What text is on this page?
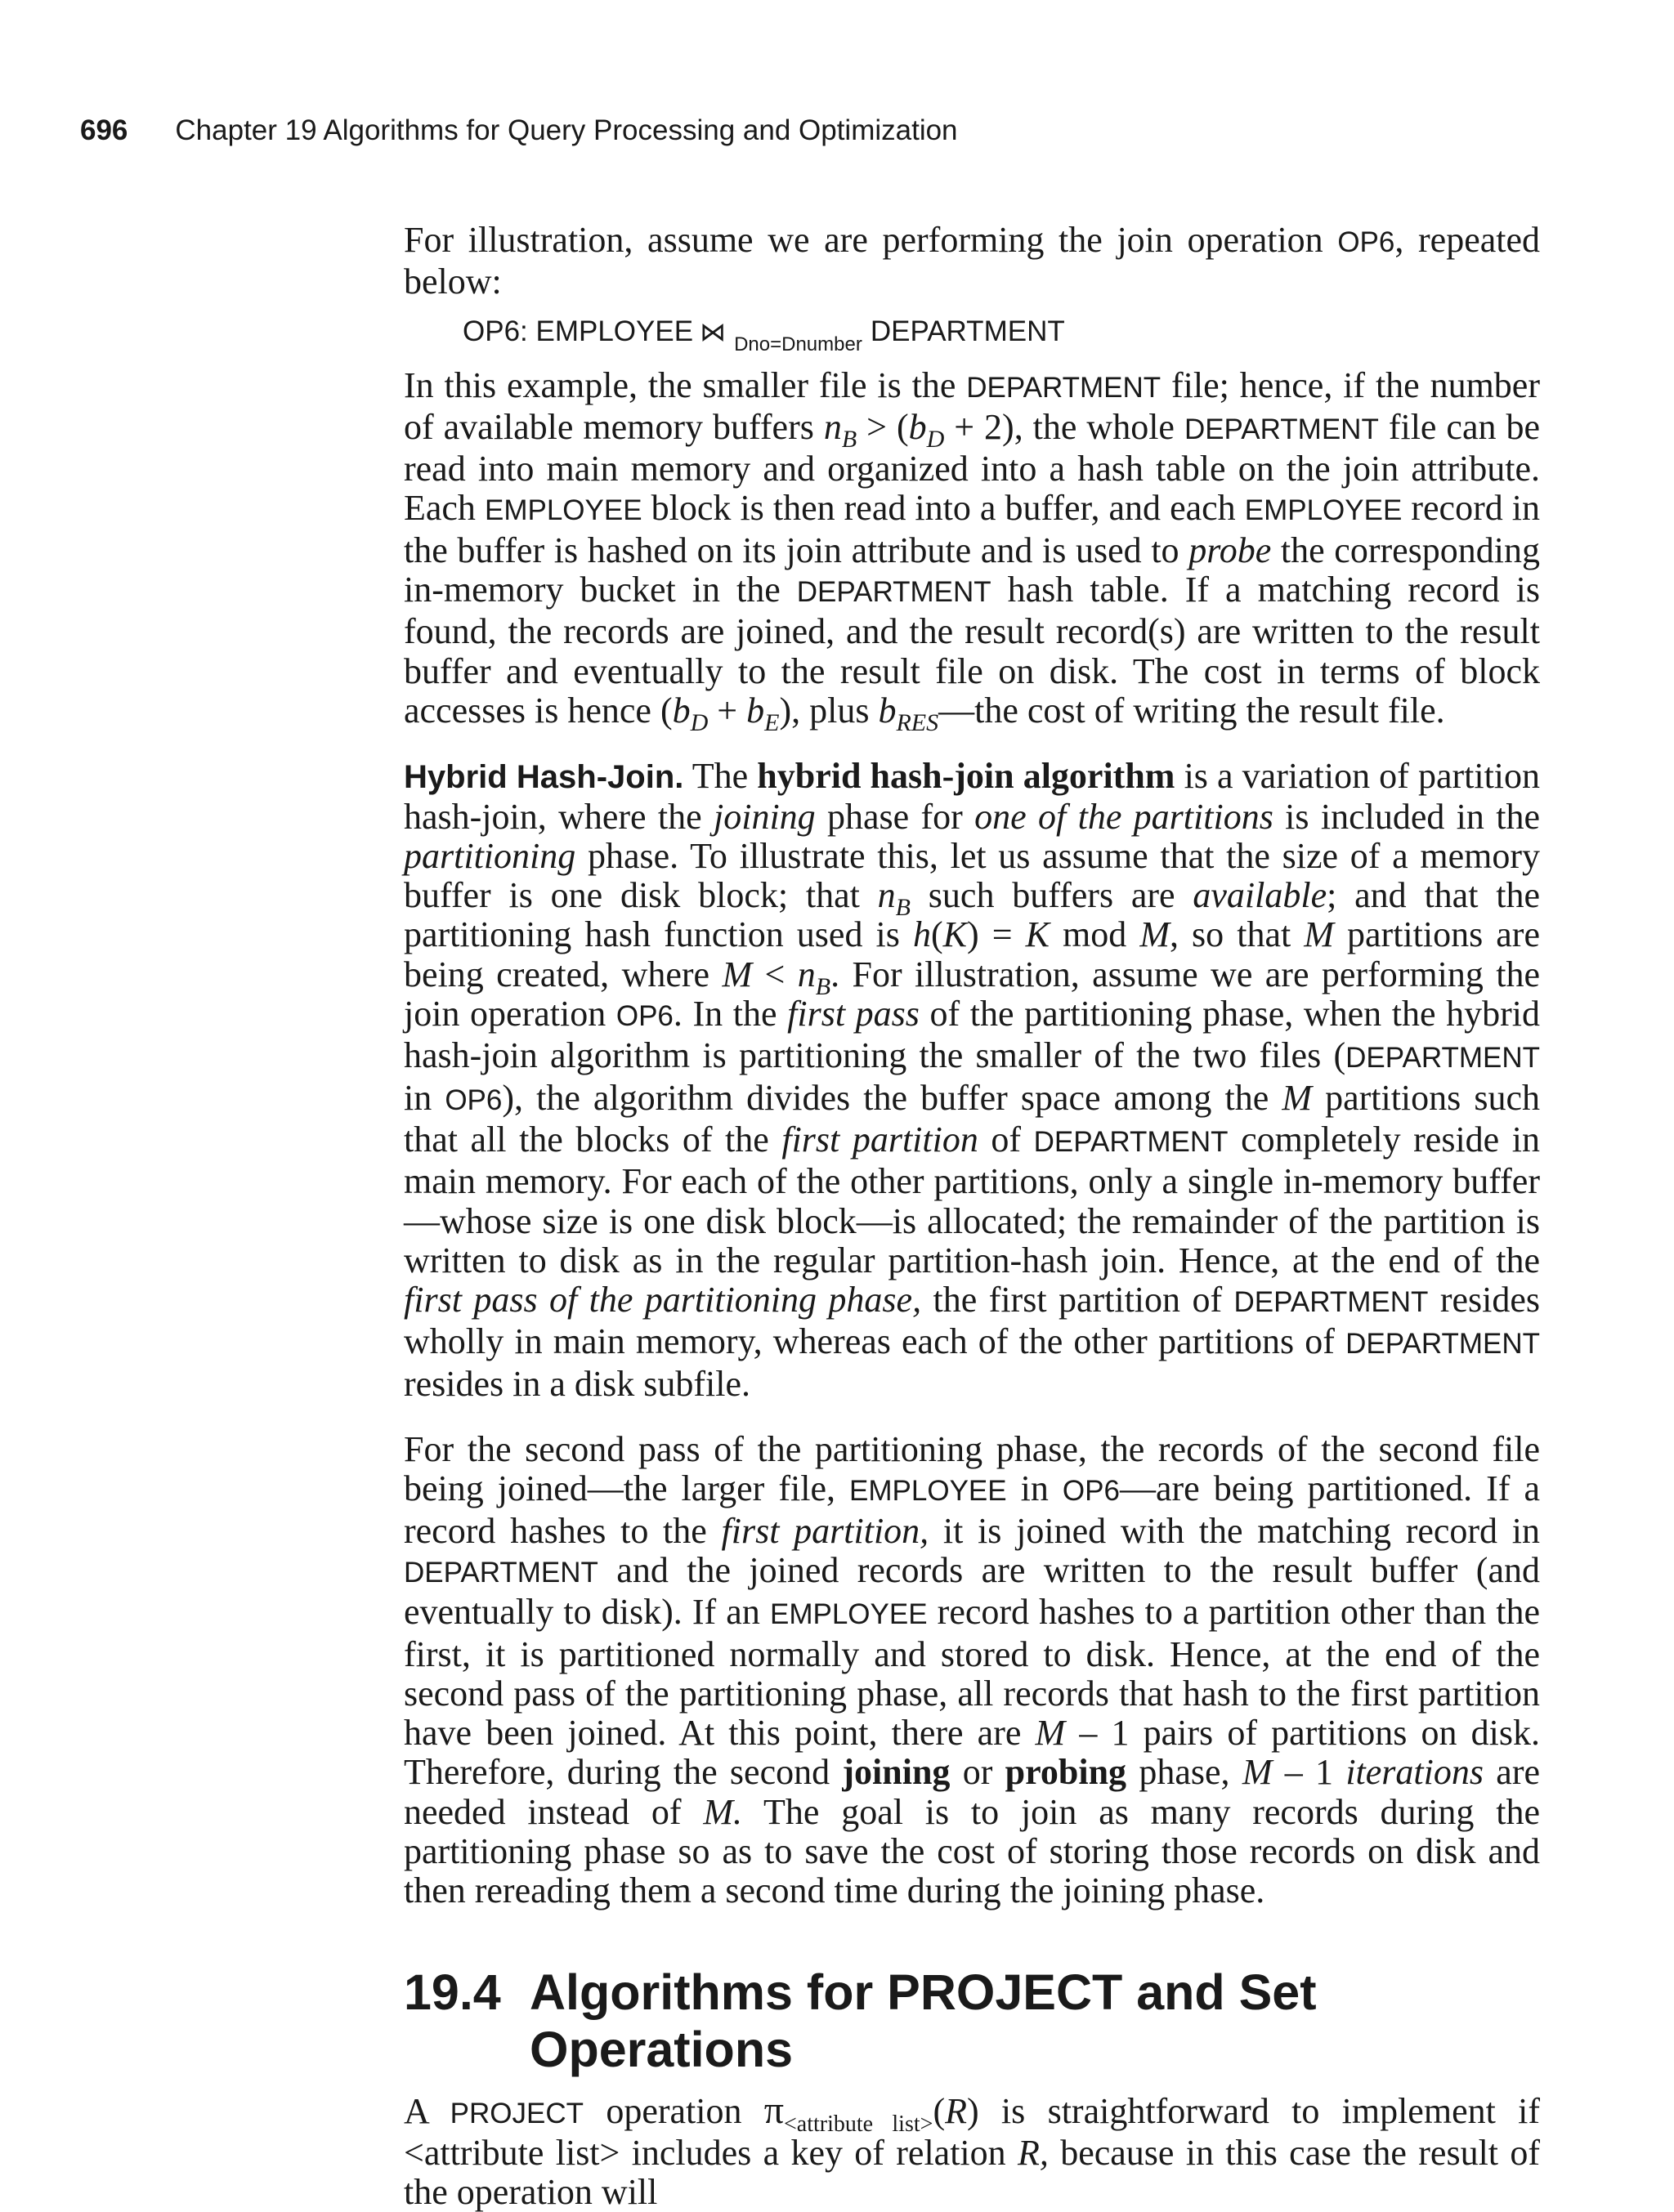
696 Chapter 19 Algorithms for Query Processing and Optimization

For illustration, assume we are performing the join operation OP6, repeated below:

OP6: EMPLOYEE ⋈ $_{Dno=Dnumber}$ DEPARTMENT

In this example, the smaller file is the DEPARTMENT file; hence, if the number of available memory buffers $n_B > (b_D + 2)$, the whole DEPARTMENT file can be read into main memory and organized into a hash table on the join attribute. Each EMPLOYEE block is then read into a buffer, and each EMPLOYEE record in the buffer is hashed on its join attribute and is used to probe the corresponding in-memory bucket in the DEPARTMENT hash table. If a matching record is found, the records are joined, and the result record(s) are written to the result buffer and eventually to the result file on disk. The cost in terms of block accesses is hence $(b_D + b_E)$, plus $b_{RES}—the$ cost of writing the result file.

Hybrid Hash-Join. The hybrid hash-join algorithm is a variation of partition hash-join, where the joining phase for one of the partitions is included in the partitioning phase. To illustrate this, let us assume that the size of a memory buffer is one disk block; that $n_B$ such buffers are available; and that the partitioning hash function used is h(K) = K mod M, so that M partitions are being created, where $M < n_B$. For illustration, assume we are performing the join operation OP6. In the first pass of the partitioning phase, when the hybrid hash-join algorithm is partitioning the smaller of the two files (DEPARTMENT in OP6), the algorithm divides the buffer space among the M partitions such that all the blocks of the first partition of DEPARTMENT completely reside in main memory. For each of the other partitions, only a single in-memory buffer—whose size is one disk block—is allocated; the remainder of the partition is written to disk as in the regular partition-hash join. Hence, at the end of the first pass of the partitioning phase, the first partition of DEPARTMENT resides wholly in main memory, whereas each of the other partitions of DEPARTMENT resides in a disk subfile.

For the second pass of the partitioning phase, the records of the second file being joined—the larger file, EMPLOYEE in OP6—are being partitioned. If a record hashes to the first partition, it is joined with the matching record in DEPARTMENT and the joined records are written to the result buffer (and eventually to disk). If an EMPLOYEE record hashes to a partition other than the first, it is partitioned normally and stored to disk. Hence, at the end of the second pass of the partitioning phase, all records that hash to the first partition have been joined. At this point, there are M – 1 pairs of partitions on disk. Therefore, during the second joining or probing phase, M – 1 iterations are needed instead of M. The goal is to join as many records during the partitioning phase so as to save the cost of storing those records on disk and then rereading them a second time during the joining phase.

19.4 Algorithms for PROJECT and Set Operations

A PROJECT operation $\pi_{<attribute list>}(R)$ is straightforward to implement if <attribute list> includes a key of relation R, because in this case the result of the operation will
